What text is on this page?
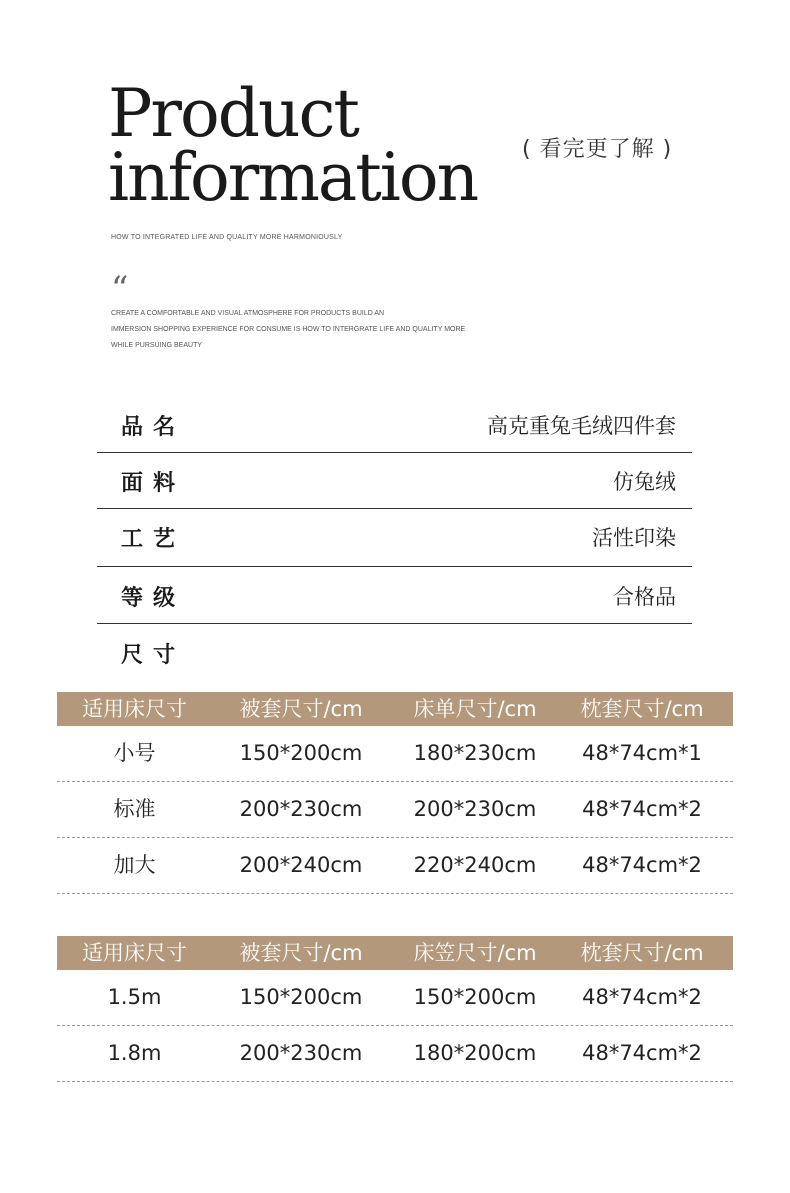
Product
information ( 看完更了解 )
HOW TO INTEGRATED LIFE AND QUALITY MORE HARMONIOUSLY
“
CREATE A COMFORTABLE AND VISUAL ATMOSPHERE FOR PRODUCTS BUILD AN
IMMERSION SHOPPING EXPERIENCE FOR CONSUME IS HOW TO INTERGRATE LIFE AND QUALITY MORE
WHILE PURSUING BEAUTY
品名	高克重兔毛绒四件套
面料	仿兔绒
工艺	活性印染
等级	合格品
尺寸
适用床尺寸	被套尺寸/cm	床单尺寸/cm	枕套尺寸/cm
小号	150*200cm	180*230cm	48*74cm*1
标准	200*230cm	200*230cm	48*74cm*2
加大	200*240cm	220*240cm	48*74cm*2
适用床尺寸	被套尺寸/cm	床笠尺寸/cm	枕套尺寸/cm
1.5m	150*200cm	150*200cm	48*74cm*2
1.8m	200*230cm	180*200cm	48*74cm*2
